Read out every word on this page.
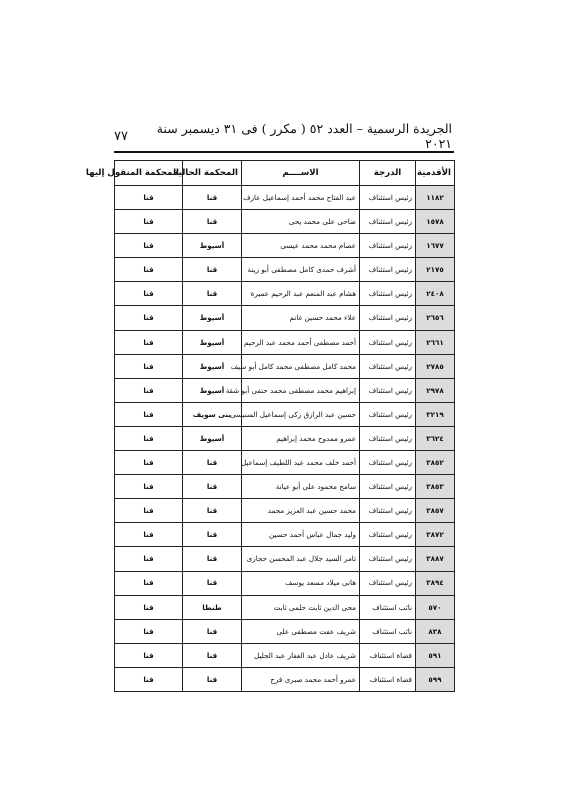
الجريدة الرسمية – العدد ٥٢ ( مكرر ) فى ٣١ ديسمبر سنة ٢٠٢١
٧٧
الأقدمية	الدرجة	الاســــم	المحكمة الحالية	المحكمة المنقول إليها
١١٨٢	رئيس استئناف	عبد الفتاح محمد أحمد إسماعيل عارف	قنا	قنا
١٥٧٨	رئيس استئناف	ضاحى على محمد يحى	قنا	قنا
١٦٧٧	رئيس استئناف	عصام محمد محمد عيسى	أسيوط	قنا
٢١٧٥	رئيس استئناف	أشرف حمدى كامل مصطفى أبو زينة	قنا	قنا
٢٤٠٨	رئيس استئناف	هشام عبد المنعم عبد الرحيم عميرة	قنا	قنا
٢٦٥٦	رئيس استئناف	علاء محمد حسين غانم	أسيوط	قنا
٢٦٦١	رئيس استئناف	أحمد مصطفى أحمد محمد عبد الرحيم	أسيوط	قنا
٢٧٨٥	رئيس استئناف	محمد كامل مصطفى محمد كامل أبو سيف	أسيوط	قنا
٢٩٧٨	رئيس استئناف	إبراهيم محمد مصطفى محمد حنفى أبو شقة	أسيوط	قنا
٣٢١٩	رئيس استئناف	حسين عبد الرازق زكى إسماعيل السنيسى	بنى سويف	قنا
٣٦٢٤	رئيس استئناف	عمرو ممدوح محمد إبراهيم	أسيوط	قنا
٣٨٥٢	رئيس استئناف	أحمد خلف محمد عبد اللطيف إسماعيل	قنا	قنا
٣٨٥٣	رئيس استئناف	سامح محمود على أبو عيانة	قنا	قنا
٣٨٥٧	رئيس استئناف	محمد حسين عبد العزيز محمد	قنا	قنا
٣٨٧٢	رئيس استئناف	وليد جمال عباس أحمد حسين	قنا	قنا
٣٨٨٧	رئيس استئناف	تامر السيد جلال عبد المحسن حجازى	قنا	قنا
٣٨٩٤	رئيس استئناف	هانى ميلاد مسعد يوسف	قنا	قنا
٥٧٠	نائب استئناف	محى الدين ثابت حلمى ثابت	طنطا	قنا
٨٣٨	نائب استئناف	شريف عفت مصطفى على	قنا	قنا
٥٩١	قضاة استئناف	شريف عادل عبد الغفار عبد الجليل	قنا	قنا
٥٩٩	قضاة استئناف	عمرو أحمد محمد صبرى فرج	قنا	قنا
